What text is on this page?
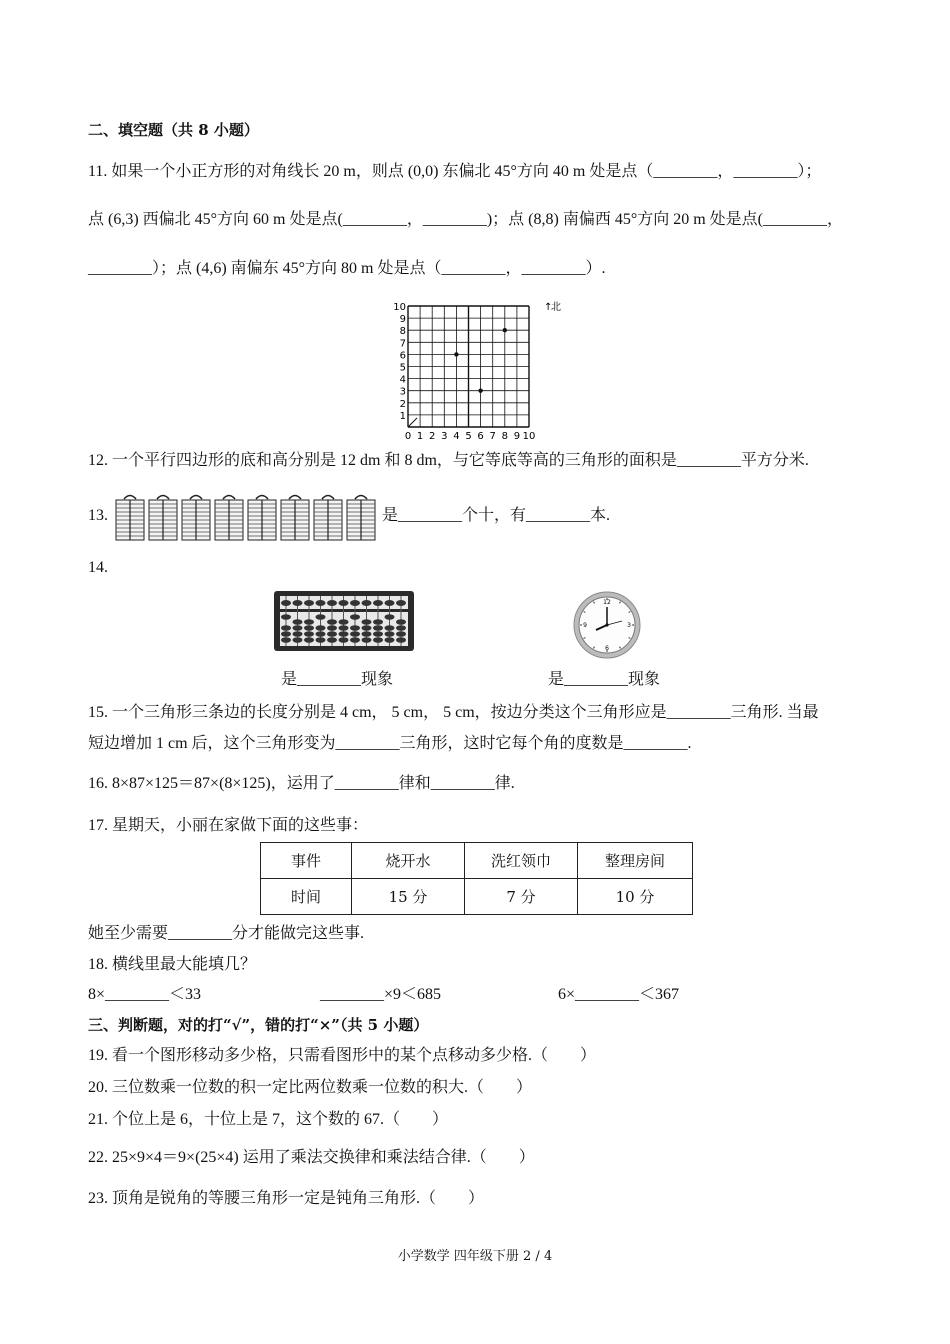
二、填空题（共 8 小题）
11. 如果一个小正方形的对角线长 20 m，则点 (0,0) 东偏北 45°方向 40 m 处是点（________，________）；
点 (6,3) 西偏北 45°方向 60 m 处是点(________，________)；点 (8,8) 南偏西 45°方向 20 m 处是点(________，
________）；点 (4,6) 南偏东 45°方向 80 m 处是点（________，________）.
10
9
8
7
6
5
4
3
2
1
0 1 2 3 4 5 6 7 8 9 10
↑
北
12. 一个平行四边形的底和高分别是 12 dm 和 8 dm，与它等底等高的三角形的面积是________平方分米.
13.	是________个十，有________本.
14.
12
3
6
9
是________现象	是________现象
15. 一个三角形三条边的长度分别是 4 cm， 5 cm， 5 cm，按边分类这个三角形应是________三角形. 当最
短边增加 1 cm 后，这个三角形变为________三角形，这时它每个角的度数是________.
16. 8×87×125＝87×(8×125)，运用了________律和________律.
17. 星期天，小丽在家做下面的这些事：
事件	烧开水	洗红领巾	整理房间
时间	15 分	7 分	10 分
她至少需要________分才能做完这些事.
18. 横线里最大能填几？
8×________＜33	________×9＜685	6×________＜367
三、判断题，对的打“√”，错的打“×”（共 5 小题）
19. 看一个图形移动多少格，只需看图形中的某个点移动多少格.（　　）
20. 三位数乘一位数的积一定比两位数乘一位数的积大.（　　）
21. 个位上是 6，十位上是 7，这个数的 67.（　　）
22. 25×9×4＝9×(25×4) 运用了乘法交换律和乘法结合律.（　　）
23. 顶角是锐角的等腰三角形一定是钝角三角形.（　　）
小学数学 四年级下册 2 / 4
